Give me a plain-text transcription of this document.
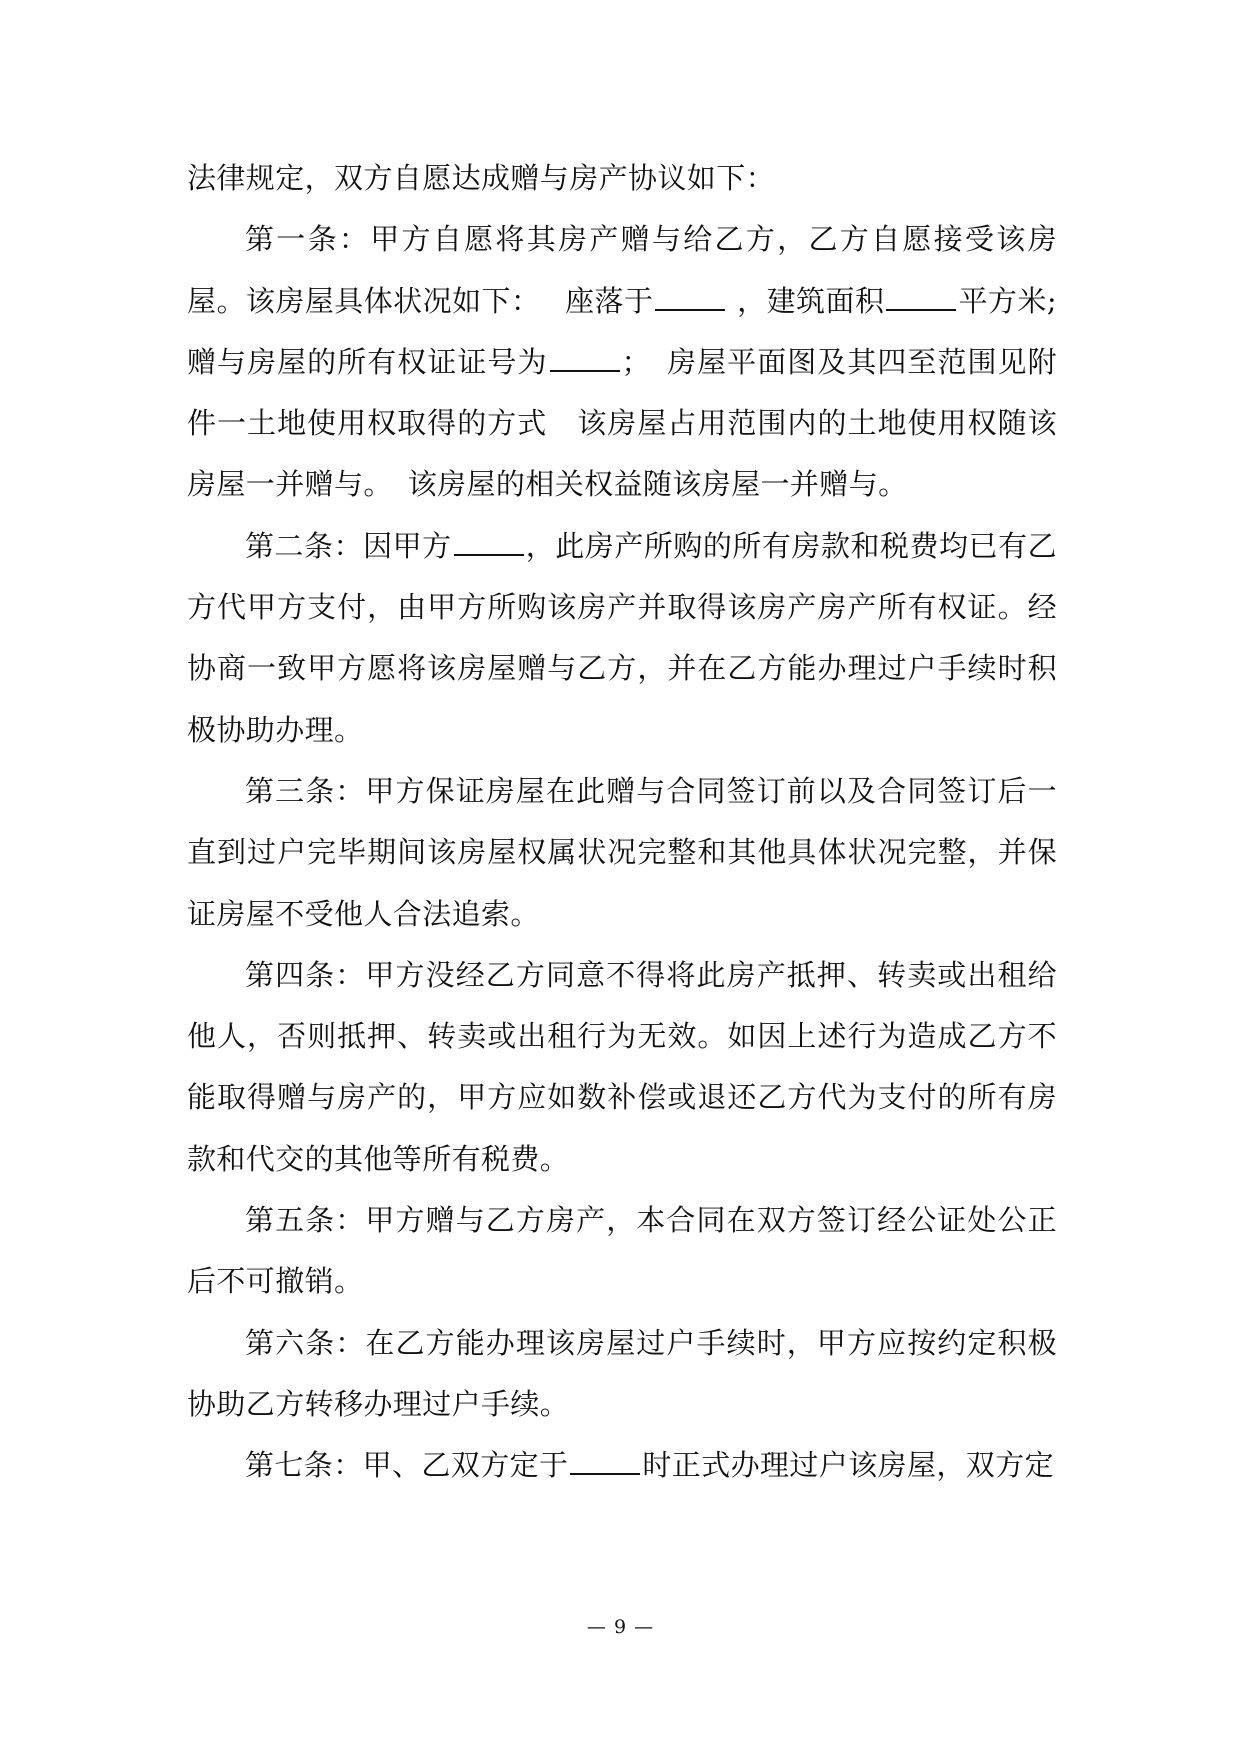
法律规定，双方自愿达成赠与房产协议如下：

第一条：甲方自愿将其房产赠与给乙方，乙方自愿接受该房屋。该房屋具体状况如下：　 座落于	，建筑面积	平方米;　赠与房屋的所有权证证号为	；　房屋平面图及其四至范围见附件一土地使用权取得的方式　该房屋占用范围内的土地使用权随该房屋一并赠与。　该房屋的相关权益随该房屋一并赠与。

第二条：因甲方	，此房产所购的所有房款和税费均已有乙方代甲方支付，由甲方所购该房产并取得该房产房产所有权证。经协商一致甲方愿将该房屋赠与乙方，并在乙方能办理过户手续时积极协助办理。

第三条：甲方保证房屋在此赠与合同签订前以及合同签订后一直到过户完毕期间该房屋权属状况完整和其他具体状况完整，并保证房屋不受他人合法追索。

第四条：甲方没经乙方同意不得将此房产抵押、转卖或出租给他人，否则抵押、转卖或出租行为无效。如因上述行为造成乙方不能取得赠与房产的，甲方应如数补偿或退还乙方代为支付的所有房款和代交的其他等所有税费。

第五条：甲方赠与乙方房产，本合同在双方签订经公证处公正后不可撤销。

第六条：在乙方能办理该房屋过户手续时，甲方应按约定积极协助乙方转移办理过户手续。

第七条：甲、乙双方定于	时正式办理过户该房屋，双方定

— 9 —
